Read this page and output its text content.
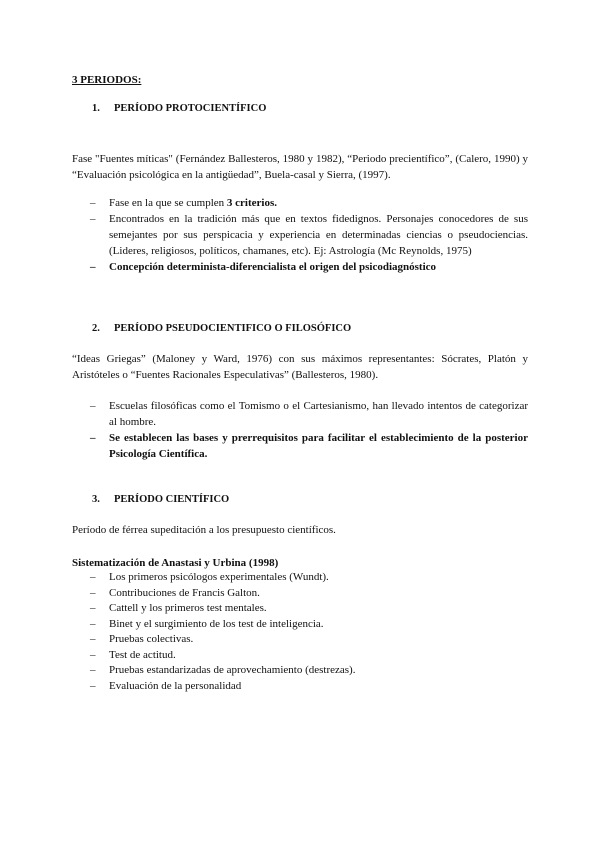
3 PERIODOS:
1. PERÍODO PROTOCIENTÍFICO
Fase "Fuentes míticas" (Fernández Ballesteros, 1980 y 1982), “Periodo precientífico”, (Calero, 1990) y “Evaluación psicológica en la antigüedad”, Buela-casal y Sierra, (1997).
– Fase en la que se cumplen 3 criterios.
– Encontrados en la tradición más que en textos fidedignos. Personajes conocedores de sus semejantes por sus perspicacia y experiencia en determinadas ciencias o pseudociencias. (Lideres, religiosos, políticos, chamanes, etc). Ej: Astrología (Mc Reynolds, 1975)
– Concepción determinista-diferencialista el origen del psicodiagnóstico
2. PERÍODO PSEUDOCIENTIFICO O FILOSÓFICO
“Ideas Griegas” (Maloney y Ward, 1976) con sus máximos representantes: Sócrates, Platón y Aristóteles o “Fuentes Racionales Especulativas” (Ballesteros, 1980).
– Escuelas filosóficas como el Tomismo o el Cartesianismo, han llevado intentos de categorizar al hombre.
– Se establecen las bases y prerrequisitos para facilitar el establecimiento de la posterior Psicología Científica.
3. PERÍODO CIENTÍFICO
Período de férrea supeditación a los presupuesto científicos.
Sistematización de Anastasi y Urbina (1998)
– Los primeros psicólogos experimentales (Wundt).
– Contribuciones de Francis Galton.
– Cattell y los primeros test mentales.
– Binet y el surgimiento de los test de inteligencia.
– Pruebas colectivas.
– Test de actitud.
– Pruebas estandarizadas de aprovechamiento (destrezas).
– Evaluación de la personalidad
